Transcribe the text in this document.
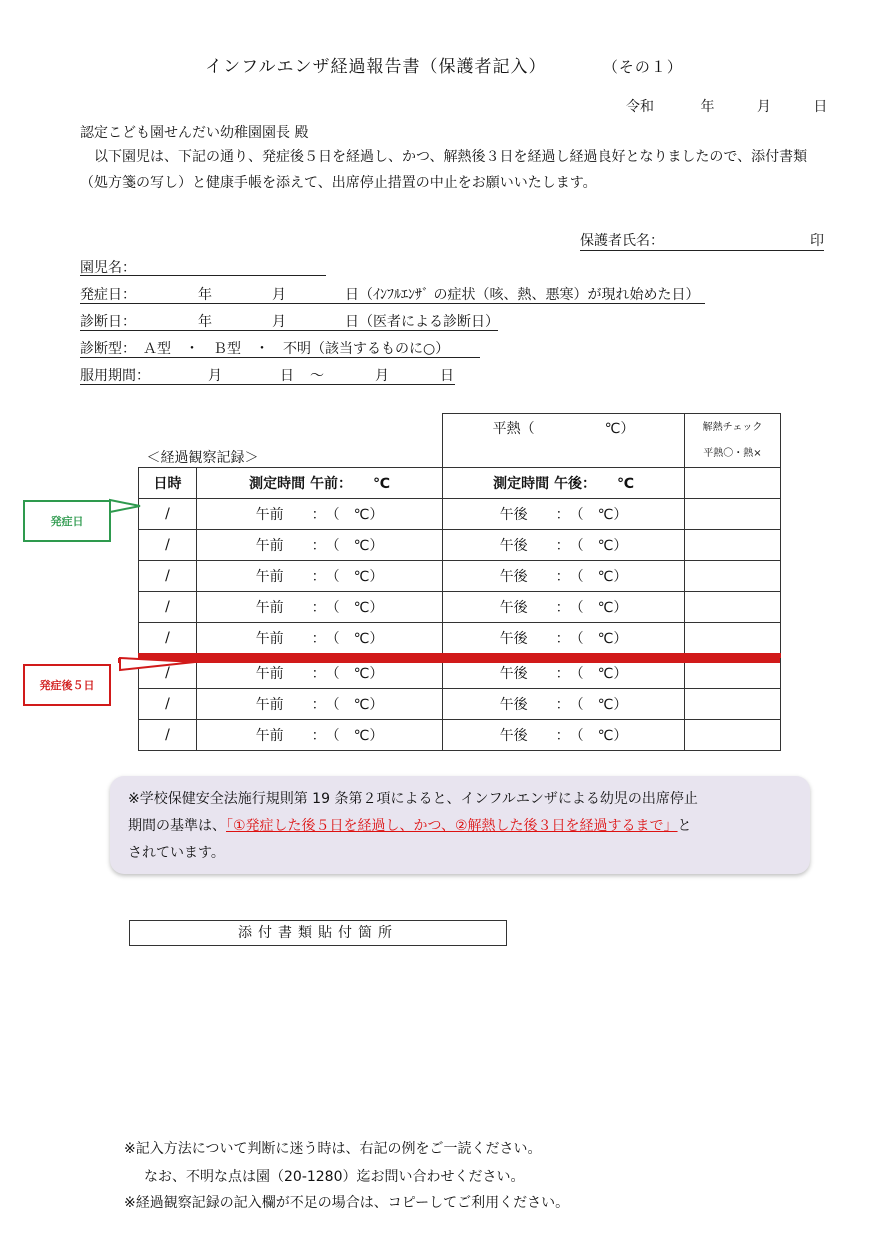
インフルエンザ経過報告書（保護者記入）	（その１）
令和	年	月	日
認定こども園せんだい幼稚園園長 殿
以下園児は、下記の通り、発症後５日を経過し、かつ、解熱後３日を経過し経過良好となりましたので、添付書類（処方箋の写し）と健康手帳を添えて、出席停止措置の中止をお願いいたします。
保護者氏名：	印
園児名：
発症日：	年	月	日（ｲﾝﾌﾙｴﾝｻﾞ の症状（咳、熱、悪寒）が現れ始めた日）
診断日：	年	月	日（医者による診断日）
診断型：　Ａ型　・　Ｂ型　・　不明（該当するものに○）
服用期間：	月	日 ～	月	日
＜経過観察記録＞		平熱（　　　　　℃）	解熱チェック
平熱〇・熱×

日時	測定時間 午前：　　℃	測定時間 午後：　　℃	
/	午前　　：　（　℃）	午後　　：　（　℃）	
/	午前　　：　（　℃）	午後　　：　（　℃）	
/	午前　　：　（　℃）	午後　　：　（　℃）	
/	午前　　：　（　℃）	午後　　：　（　℃）	
/	午前　　：　（　℃）	午後　　：　（　℃）	
/	午前　　：　（　℃）	午後　　：　（　℃）	
/	午前　　：　（　℃）	午後　　：　（　℃）	
/	午前　　：　（　℃）	午後　　：　（　℃）	
発症日
発症後５日
※学校保健安全法施行規則第 19 条第２項によると、インフルエンザによる幼児の出席停止
期間の基準は、「①発症した後５日を経過し、かつ、②解熱した後３日を経過するまで」と
されています。
添付書類貼付箇所
※記入方法について判断に迷う時は、右記の例をご一読ください。
なお、不明な点は園（20-1280）迄お問い合わせください。
※経過観察記録の記入欄が不足の場合は、コピーしてご利用ください。
